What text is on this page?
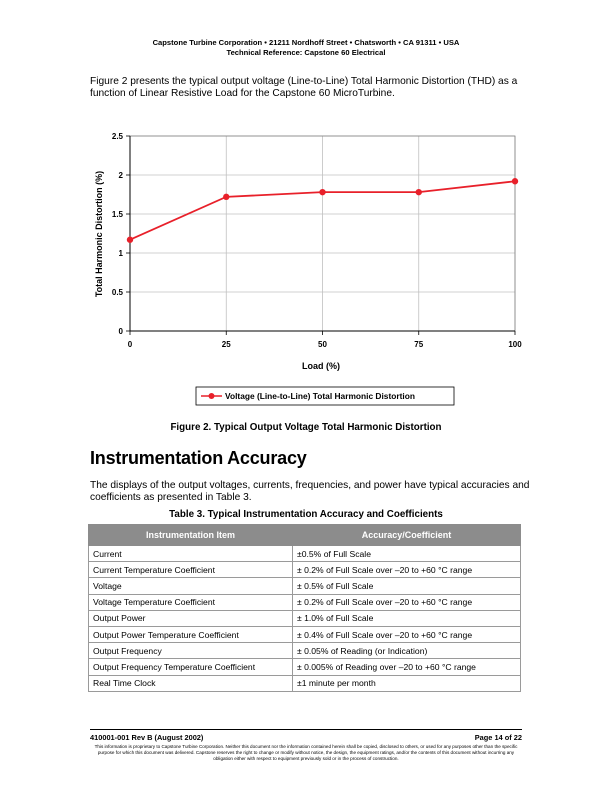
Capstone Turbine Corporation • 21211 Nordhoff Street • Chatsworth • CA 91311 • USA
Technical Reference: Capstone 60 Electrical
Figure 2 presents the typical output voltage (Line-to-Line) Total Harmonic Distortion (THD) as a function of Linear Resistive Load for the Capstone 60 MicroTurbine.
0
0.5
1
1.5
2
2.5
0	25	50	75	100
Total Harmonic Distortion (%)
Load (%)
Voltage (Line-to-Line) Total Harmonic Distortion
Figure 2. Typical Output Voltage Total Harmonic Distortion
Instrumentation Accuracy
The displays of the output voltages, currents, frequencies, and power have typical accuracies and coefficients as presented in Table 3.
Table 3. Typical Instrumentation Accuracy and Coefficients
Instrumentation Item	Accuracy/Coefficient
Current	±0.5% of Full Scale
Current Temperature Coefficient	± 0.2% of Full Scale over –20 to +60 °C range
Voltage	± 0.5% of Full Scale
Voltage Temperature Coefficient	± 0.2% of Full Scale over –20 to +60 °C range
Output Power	± 1.0% of Full Scale
Output Power Temperature Coefficient	± 0.4% of Full Scale over –20 to +60 °C range
Output Frequency	± 0.05% of Reading (or Indication)
Output Frequency Temperature Coefficient	± 0.005% of Reading over –20 to +60 °C range
Real Time Clock	±1 minute per month
410001-001 Rev B (August 2002)	Page 14 of 22
This information is proprietary to Capstone Turbine Corporation. Neither this document nor the information contained herein shall be copied, disclosed to others, or used for any purposes other than the specific purpose for which this document was delivered. Capstone reserves the right to change or modify without notice, the design, the equipment ratings, and/or the contents of this document without incurring any obligation either with respect to equipment previously sold or in the process of construction.
